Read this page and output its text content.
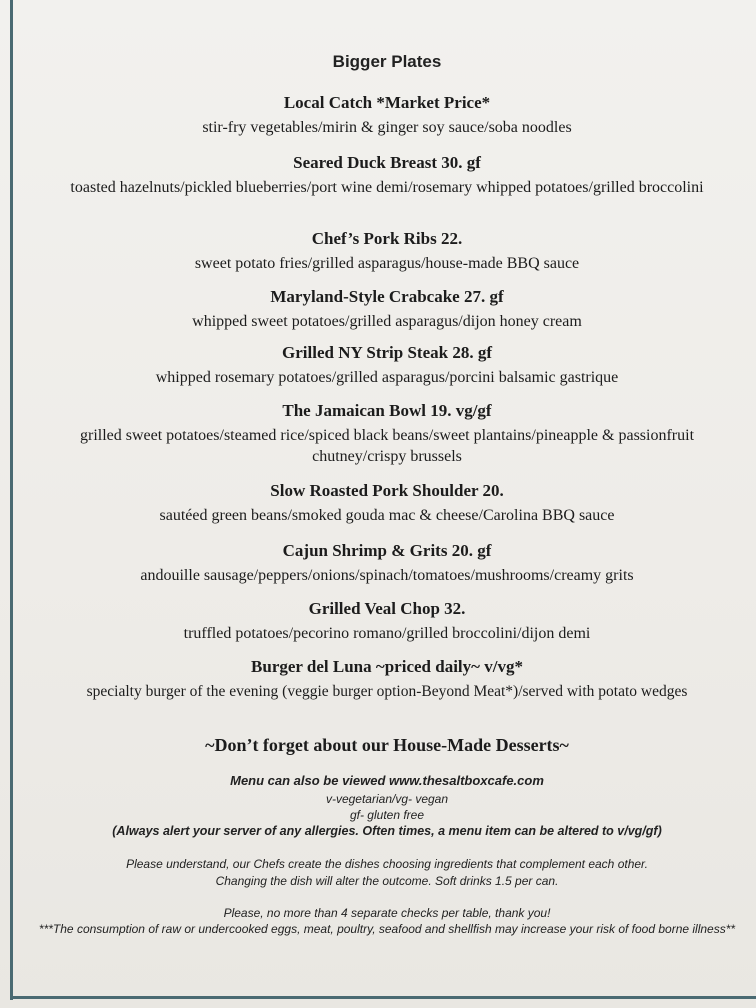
Bigger Plates
Local Catch *Market Price*
stir-fry vegetables/mirin & ginger soy sauce/soba noodles
Seared Duck Breast 30. gf
toasted hazelnuts/pickled blueberries/port wine demi/rosemary whipped potatoes/grilled broccolini
Chef’s Pork Ribs 22.
sweet potato fries/grilled asparagus/house-made BBQ sauce
Maryland-Style Crabcake 27. gf
whipped sweet potatoes/grilled asparagus/dijon honey cream
Grilled NY Strip Steak 28. gf
whipped rosemary potatoes/grilled asparagus/porcini balsamic gastrique
The Jamaican Bowl 19. vg/gf
grilled sweet potatoes/steamed rice/spiced black beans/sweet plantains/pineapple & passionfruit chutney/crispy brussels
Slow Roasted Pork Shoulder 20.
sautéed green beans/smoked gouda mac & cheese/Carolina BBQ sauce
Cajun Shrimp & Grits 20. gf
andouille sausage/peppers/onions/spinach/tomatoes/mushrooms/creamy grits
Grilled Veal Chop 32.
truffled potatoes/pecorino romano/grilled broccolini/dijon demi
Burger del Luna ~priced daily~ v/vg*
specialty burger of the evening (veggie burger option-Beyond Meat*)/served with potato wedges
~Don’t forget about our House-Made Desserts~
Menu can also be viewed www.thesaltboxcafe.com
v-vegetarian/vg- vegan
gf- gluten free
(Always alert your server of any allergies. Often times, a menu item can be altered to v/vg/gf)
Please understand, our Chefs create the dishes choosing ingredients that complement each other.
Changing the dish will alter the outcome. Soft drinks 1.5 per can.
Please, no more than 4 separate checks per table, thank you!
***The consumption of raw or undercooked eggs, meat, poultry, seafood and shellfish may increase your risk of food borne illness**
